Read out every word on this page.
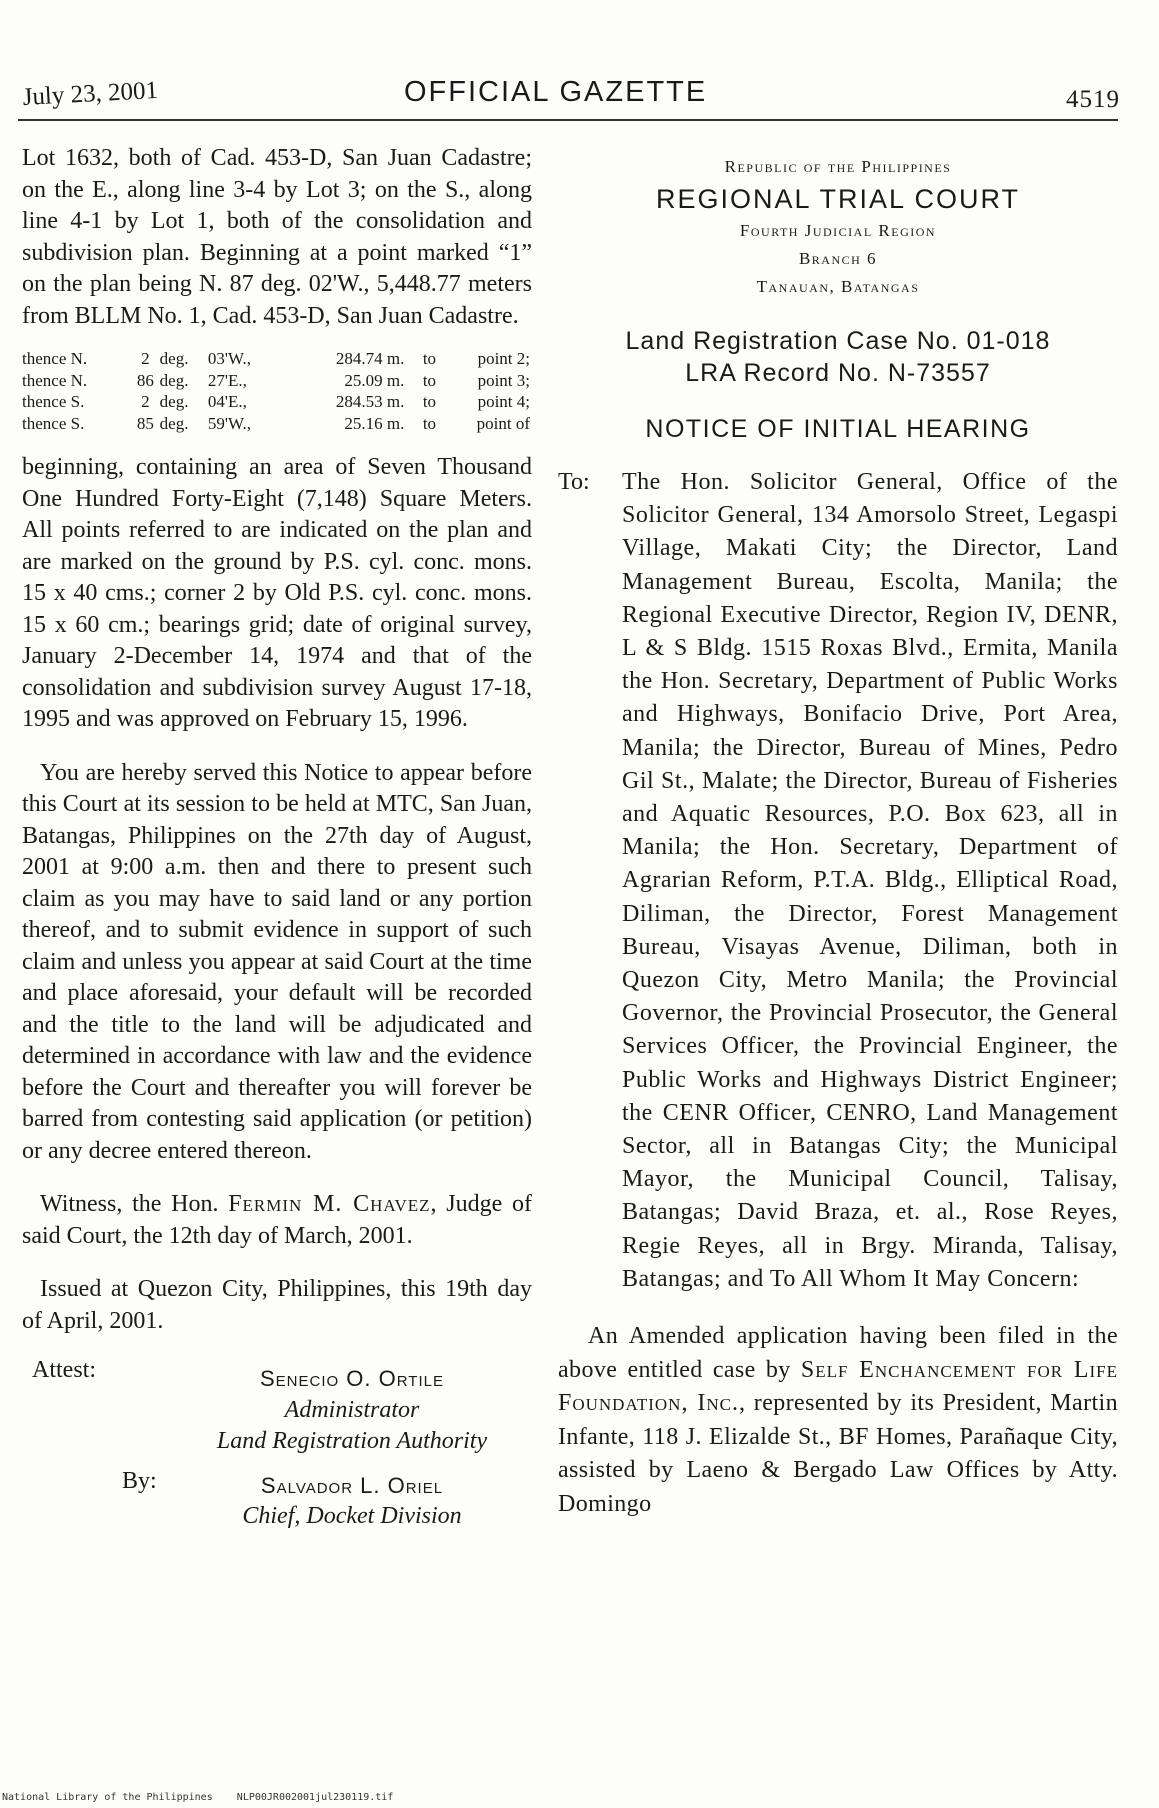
July 23, 2001	OFFICIAL GAZETTE	4519

Lot 1632, both of Cad. 453-D, San Juan Cadastre; on the E., along line 3-4 by Lot 3; on the S., along line 4-1 by Lot 1, both of the consolidation and subdivision plan. Beginning at a point marked “1” on the plan being N. 87 deg. 02'W., 5,448.77 meters from BLLM No. 1, Cad. 453-D, San Juan Cadastre.

thence N.	2	deg.	03'W.,	284.74 m.	to	point 2;
thence N.	86	deg.	27'E.,	25.09 m.	to	point 3;
thence S.	2	deg.	04'E.,	284.53 m.	to	point 4;
thence S.	85	deg.	59'W.,	25.16 m.	to	point of

beginning, containing an area of Seven Thousand One Hundred Forty-Eight (7,148) Square Meters. All points referred to are indicated on the plan and are marked on the ground by P.S. cyl. conc. mons. 15 x 40 cms.; corner 2 by Old P.S. cyl. conc. mons. 15 x 60 cm.; bearings grid; date of original survey, January 2-December 14, 1974 and that of the consolidation and subdivision survey August 17-18, 1995 and was approved on February 15, 1996.

You are hereby served this Notice to appear before this Court at its session to be held at MTC, San Juan, Batangas, Philippines on the 27th day of August, 2001 at 9:00 a.m. then and there to present such claim as you may have to said land or any portion thereof, and to submit evidence in support of such claim and unless you appear at said Court at the time and place aforesaid, your default will be recorded and the title to the land will be adjudicated and determined in accordance with law and the evidence before the Court and thereafter you will forever be barred from contesting said application (or petition) or any decree entered thereon.

Witness, the Hon. Fermin M. Chavez, Judge of said Court, the 12th day of March, 2001.

Issued at Quezon City, Philippines, this 19th day of April, 2001.

Attest:	Senecio O. Ortile
Administrator
Land Registration Authority
By:	Salvador L. Oriel
Chief, Docket Division
Republic of the Philippines
REGIONAL TRIAL COURT
Fourth Judicial Region
Branch 6
Tanauan, Batangas
Land Registration Case No. 01-018
LRA Record No. N-73557
NOTICE OF INITIAL HEARING
To: The Hon. Solicitor General, Office of the Solicitor General, 134 Amorsolo Street, Legaspi Village, Makati City; the Director, Land Management Bureau, Escolta, Manila; the Regional Executive Director, Region IV, DENR, L & S Bldg. 1515 Roxas Blvd., Ermita, Manila the Hon. Secretary, Department of Public Works and Highways, Bonifacio Drive, Port Area, Manila; the Director, Bureau of Mines, Pedro Gil St., Malate; the Director, Bureau of Fisheries and Aquatic Resources, P.O. Box 623, all in Manila; the Hon. Secretary, Department of Agrarian Reform, P.T.A. Bldg., Elliptical Road, Diliman, the Director, Forest Management Bureau, Visayas Avenue, Diliman, both in Quezon City, Metro Manila; the Provincial Governor, the Provincial Prosecutor, the General Services Officer, the Provincial Engineer, the Public Works and Highways District Engineer; the CENR Officer, CENRO, Land Management Sector, all in Batangas City; the Municipal Mayor, the Municipal Council, Talisay, Batangas; David Braza, et. al., Rose Reyes, Regie Reyes, all in Brgy. Miranda, Talisay, Batangas; and To All Whom It May Concern:

An Amended application having been filed in the above entitled case by Self Enchancement for Life Foundation, Inc., represented by its President, Martin Infante, 118 J. Elizalde St., BF Homes, Parañaque City, assisted by Laeno & Bergado Law Offices by Atty. Domingo

National Library of the Philippines    NLP00JR002001jul230119.tif
